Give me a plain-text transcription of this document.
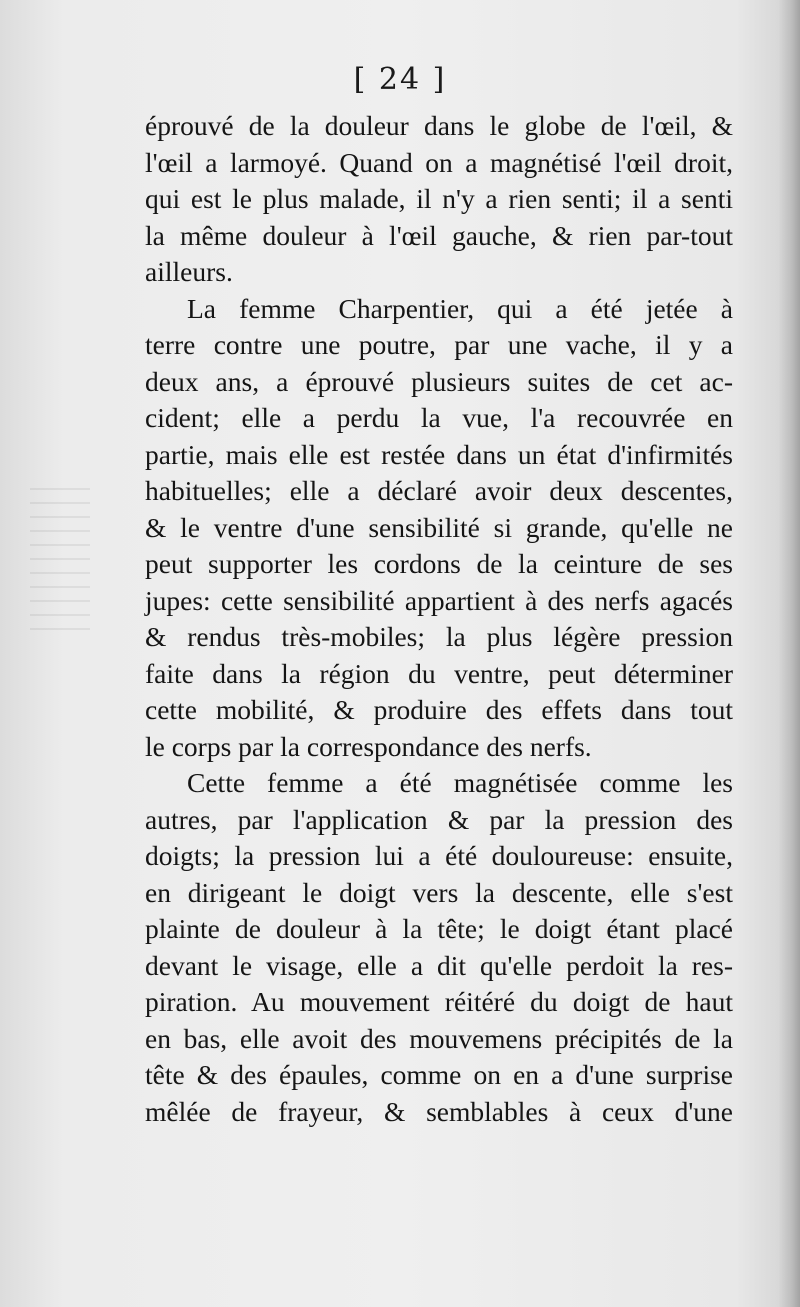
[ 24 ]
éprouvé de la douleur dans le globe de l'œil, &
l'œil a larmoyé. Quand on a magnétisé l'œil droit,
qui est le plus malade, il n'y a rien senti; il a senti
la même douleur à l'œil gauche, & rien par-tout
ailleurs.
La femme Charpentier, qui a été jetée à
terre contre une poutre, par une vache, il y a
deux ans, a éprouvé plusieurs suites de cet ac-
cident; elle a perdu la vue, l'a recouvrée en
partie, mais elle est restée dans un état d'infirmités
habituelles; elle a déclaré avoir deux descentes,
& le ventre d'une sensibilité si grande, qu'elle ne
peut supporter les cordons de la ceinture de ses
jupes: cette sensibilité appartient à des nerfs agacés
& rendus très-mobiles; la plus légère pression
faite dans la région du ventre, peut déterminer
cette mobilité, & produire des effets dans tout
le corps par la correspondance des nerfs.
Cette femme a été magnétisée comme les
autres, par l'application & par la pression des
doigts; la pression lui a été douloureuse: ensuite,
en dirigeant le doigt vers la descente, elle s'est
plainte de douleur à la tête; le doigt étant placé
devant le visage, elle a dit qu'elle perdoit la res-
piration. Au mouvement réitéré du doigt de haut
en bas, elle avoit des mouvemens précipités de la
tête & des épaules, comme on en a d'une surprise
mêlée de frayeur, & semblables à ceux d'une
